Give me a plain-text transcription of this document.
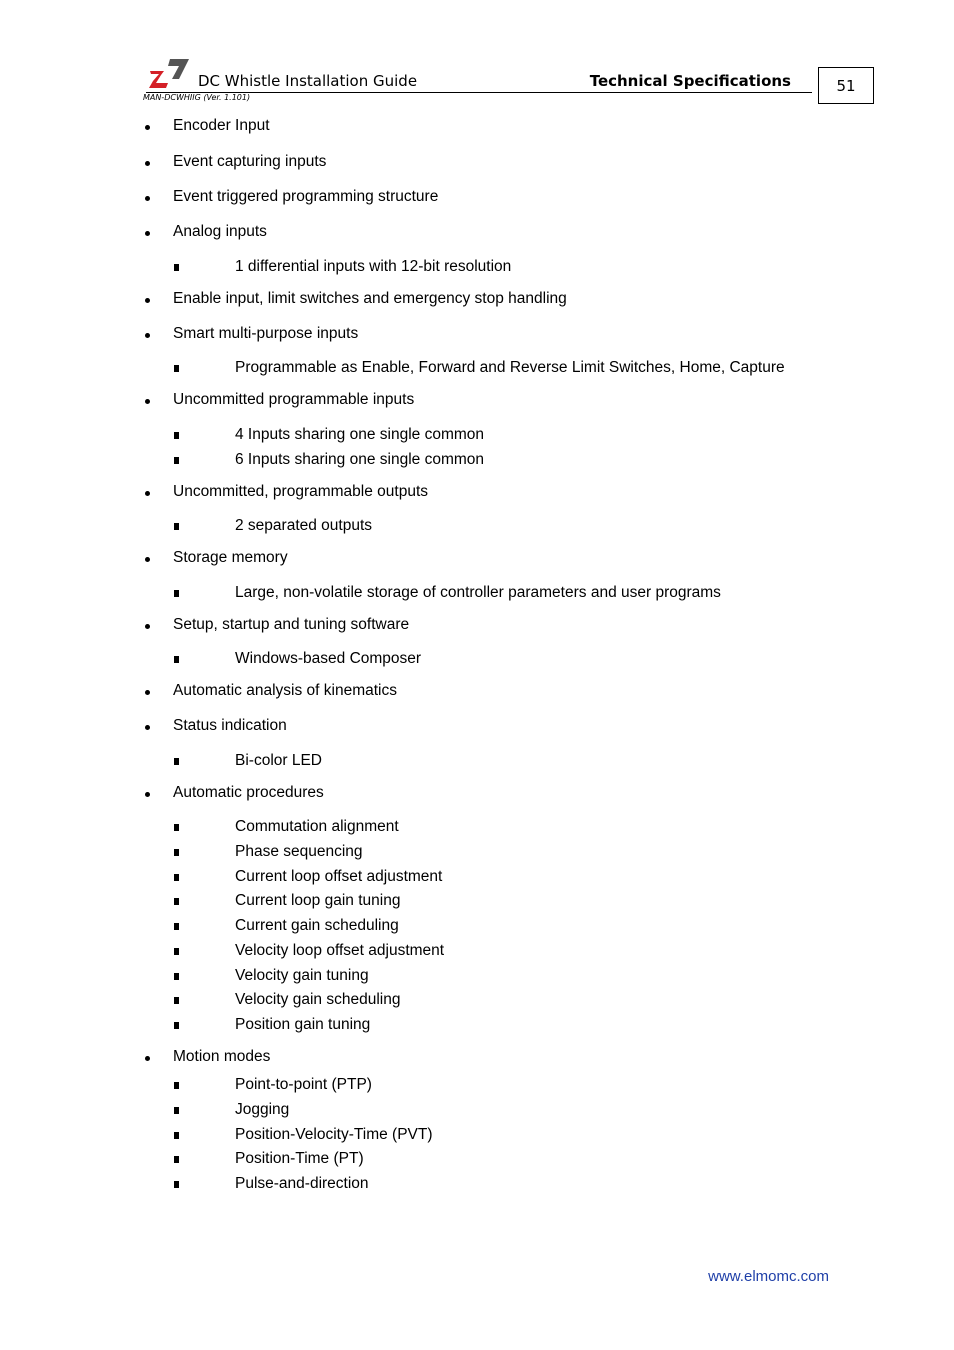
DC Whistle Installation Guide	Technical Specifications	51
MAN-DCWHIIG (Ver. 1.101)
Encoder Input
Event capturing inputs
Event triggered programming structure
Analog inputs
1 differential inputs with 12-bit resolution
Enable input, limit switches and emergency stop handling
Smart multi-purpose inputs
Programmable as Enable, Forward and Reverse Limit Switches, Home, Capture
Uncommitted programmable inputs
4 Inputs sharing one single common
6 Inputs sharing one single common
Uncommitted, programmable outputs
2 separated outputs
Storage memory
Large, non-volatile storage of controller parameters and user programs
Setup, startup and tuning software
Windows-based Composer
Automatic analysis of kinematics
Status indication
Bi-color LED
Automatic procedures
Commutation alignment
Phase sequencing
Current loop offset adjustment
Current loop gain tuning
Current gain scheduling
Velocity loop offset adjustment
Velocity gain tuning
Velocity gain scheduling
Position gain tuning
Motion modes
Point-to-point (PTP)
Jogging
Position-Velocity-Time (PVT)
Position-Time (PT)
Pulse-and-direction
www.elmomc.com
